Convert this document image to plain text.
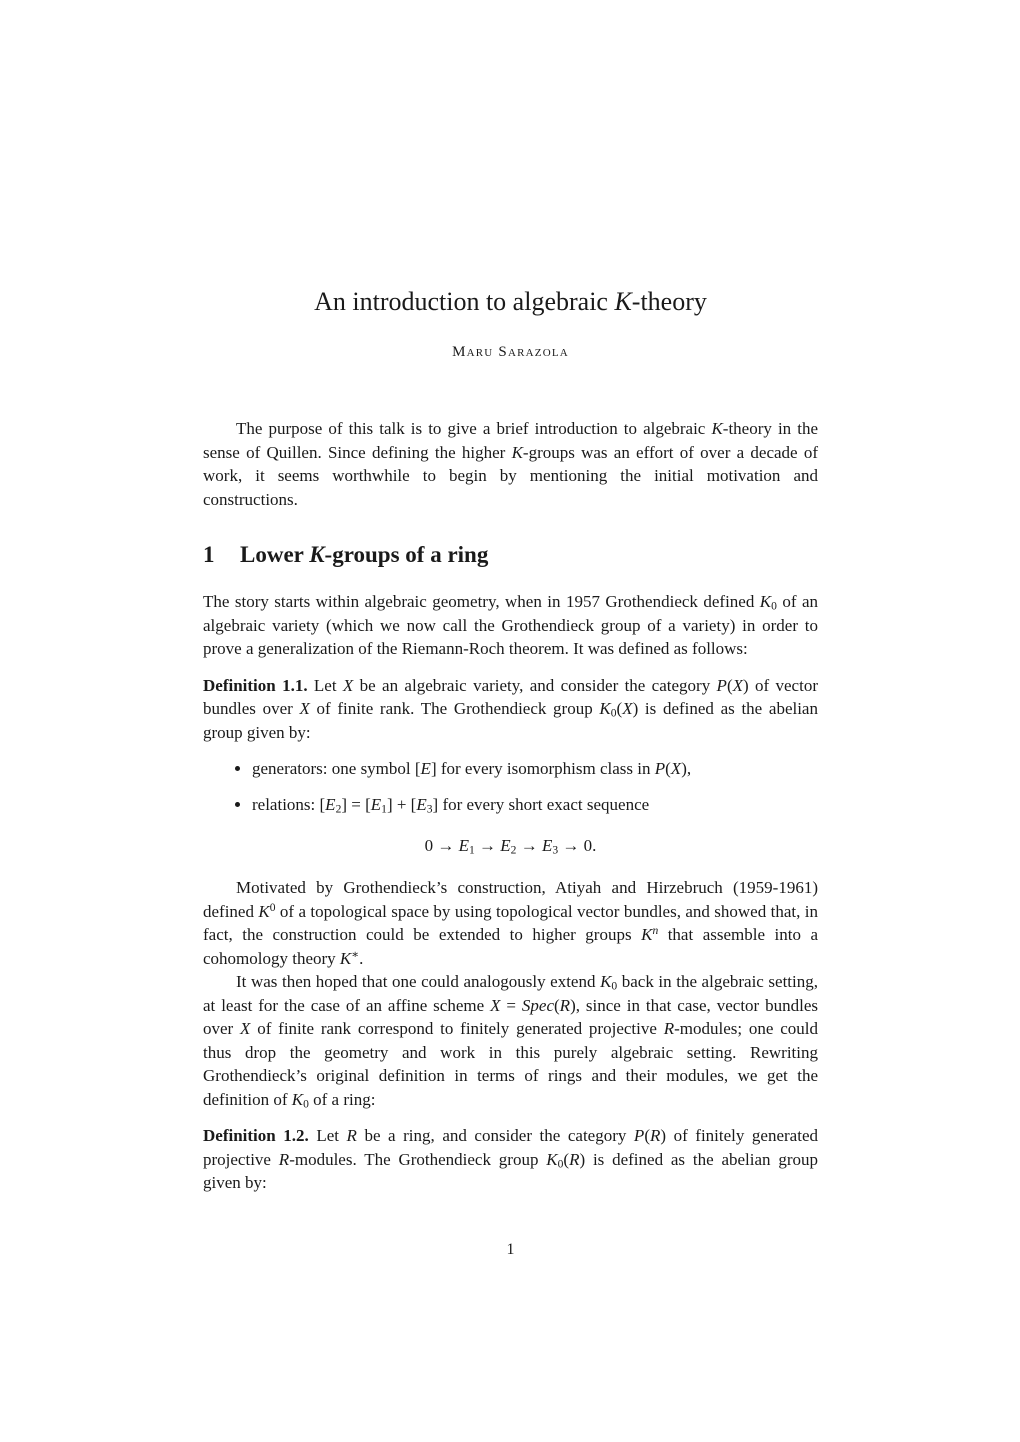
An introduction to algebraic K-theory
Maru Sarazola

The purpose of this talk is to give a brief introduction to algebraic K-theory in the sense of Quillen. Since defining the higher K-groups was an effort of over a decade of work, it seems worthwhile to begin by mentioning the initial motivation and constructions.

1 Lower K-groups of a ring

The story starts within algebraic geometry, when in 1957 Grothendieck defined $K_0$ of an algebraic variety (which we now call the Grothendieck group of a variety) in order to prove a generalization of the Riemann-Roch theorem. It was defined as follows:

Definition 1.1. Let X be an algebraic variety, and consider the category P(X) of vector bundles over X of finite rank. The Grothendieck group $K_0(X)$ is defined as the abelian group given by:

• generators: one symbol [E] for every isomorphism class in P(X),
• relations: $[E_2] = [E_1] + [E_3]$ for every short exact sequence
$0 \to E_1 \to E_2 \to E_3 \to 0$.

Motivated by Grothendieck’s construction, Atiyah and Hirzebruch (1959-1961) defined $K^0$ of a topological space by using topological vector bundles, and showed that, in fact, the construction could be extended to higher groups $K^n$ that assemble into a cohomology theory K∗.

It was then hoped that one could analogously extend $K_0$ back in the algebraic setting, at least for the case of an affine scheme X = Spec(R), since in that case, vector bundles over X of finite rank correspond to finitely generated projective R-modules; one could thus drop the geometry and work in this purely algebraic setting. Rewriting Grothendieck’s original definition in terms of rings and their modules, we get the definition of $K_0$ of a ring:

Definition 1.2. Let R be a ring, and consider the category P(R) of finitely generated projective R-modules. The Grothendieck group $K_0(R)$ is defined as the abelian group given by:

1
